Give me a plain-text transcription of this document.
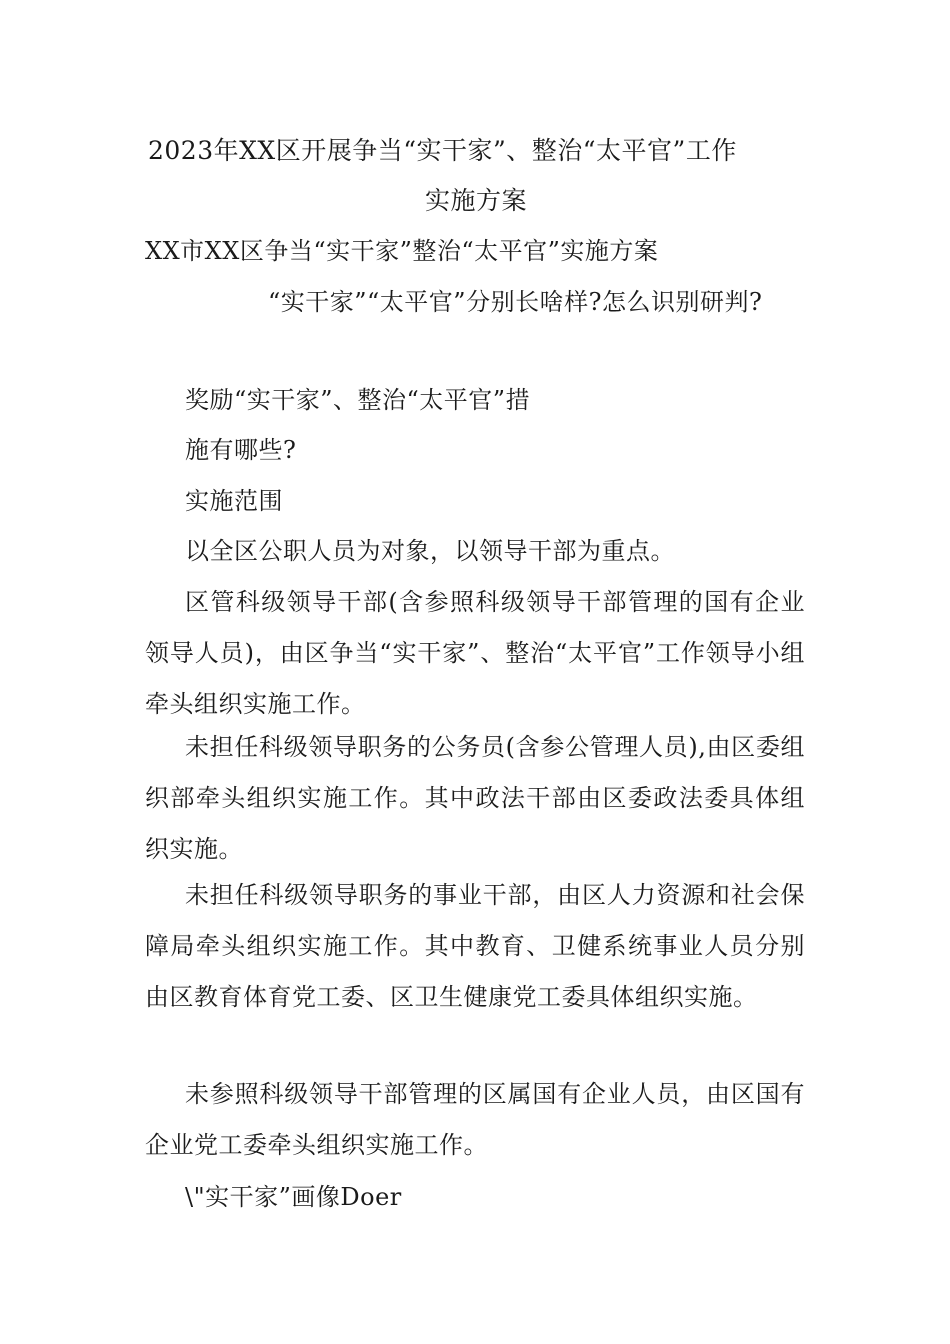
2023年XX区开展争当“实干家”、整治“太平官”工作
实施方案
XX市XX区争当“实干家”整治“太平官”实施方案
“实干家”“太平官”分别长啥样?怎么识别研判?
奖励“实干家”、整治“太平官”措
施有哪些?
实施范围
以全区公职人员为对象，以领导干部为重点。
区管科级领导干部(含参照科级领导干部管理的国有企业领导人员)，由区争当“实干家”、整治“太平官”工作领导小组牵头组织实施工作。
未担任科级领导职务的公务员(含参公管理人员),由区委组织部牵头组织实施工作。其中政法干部由区委政法委具体组织实施。
未担任科级领导职务的事业干部，由区人力资源和社会保障局牵头组织实施工作。其中教育、卫健系统事业人员分别由区教育体育党工委、区卫生健康党工委具体组织实施。
未参照科级领导干部管理的区属国有企业人员，由区国有企业党工委牵头组织实施工作。
\"实干家”画像Doer
